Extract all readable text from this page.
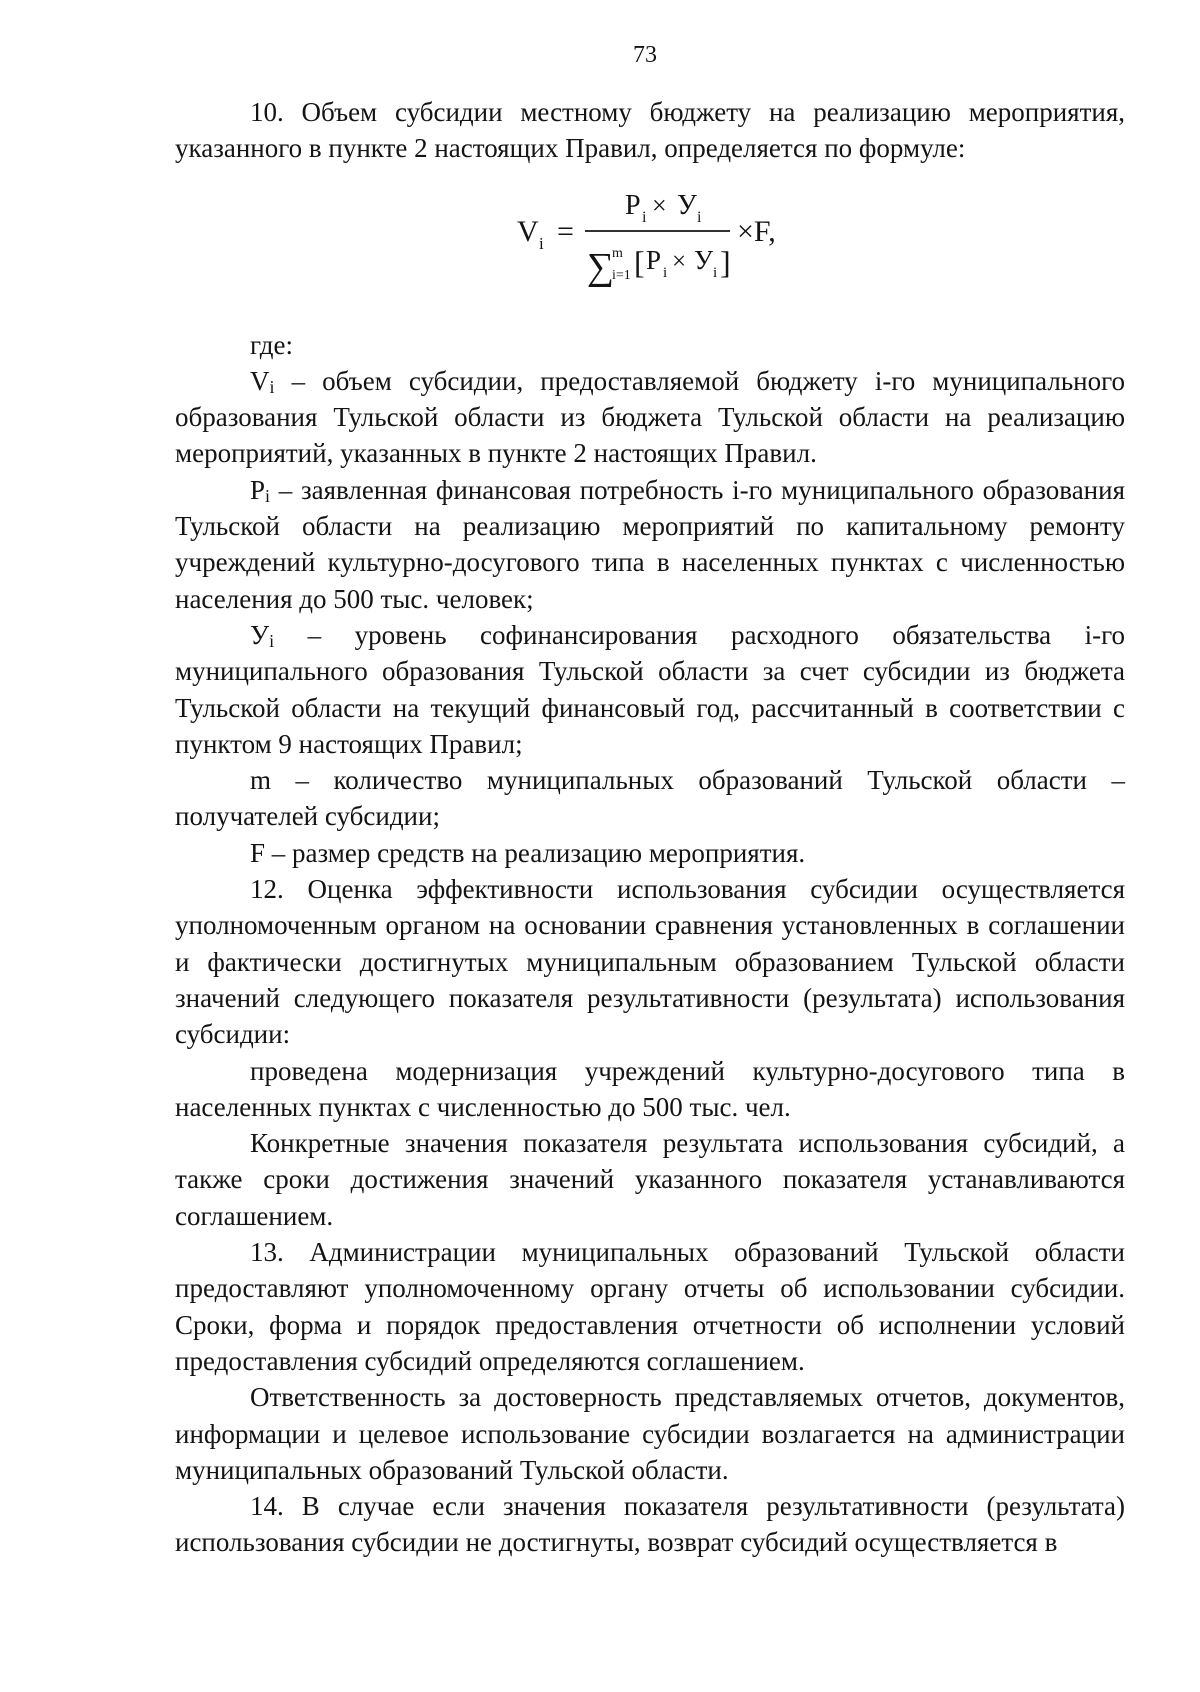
73

10. Объем субсидии местному бюджету на реализацию мероприятия, указанного в пункте 2 настоящих Правил, определяется по формуле:

V i =
P i × У i
∑
m
i=1 [ P i × У i ]
×F,

где:

$V_i$ – объем субсидии, предоставляемой бюджету i-го муниципального образования Тульской области из бюджета Тульской области на реализацию мероприятий, указанных в пункте 2 настоящих Правил.

$P_i$ – заявленная финансовая потребность i-го муниципального образования Тульской области на реализацию мероприятий по капитальному ремонту учреждений культурно-досугового типа в населенных пунктах с численностью населения до 500 тыс. человек;

$У_i$ – уровень софинансирования расходного обязательства i-го муниципального образования Тульской области за счет субсидии из бюджета Тульской области на текущий финансовый год, рассчитанный в соответствии с пунктом 9 настоящих Правил;

m – количество муниципальных образований Тульской области – получателей субсидии;

F – размер средств на реализацию мероприятия.

12. Оценка эффективности использования субсидии осуществляется уполномоченным органом на основании сравнения установленных в соглашении и фактически достигнутых муниципальным образованием Тульской области значений следующего показателя результативности (результата) использования субсидии:

проведена модернизация учреждений культурно-досугового типа в населенных пунктах с численностью до 500 тыс. чел.

Конкретные значения показателя результата использования субсидий, а также сроки достижения значений указанного показателя устанавливаются соглашением.

13. Администрации муниципальных образований Тульской области предоставляют уполномоченному органу отчеты об использовании субсидии. Сроки, форма и порядок предоставления отчетности об исполнении условий предоставления субсидий определяются соглашением.

Ответственность за достоверность представляемых отчетов, документов, информации и целевое использование субсидии возлагается на администрации муниципальных образований Тульской области.

14. В случае если значения показателя результативности (результата) использования субсидии не достигнуты, возврат субсидий осуществляется в
